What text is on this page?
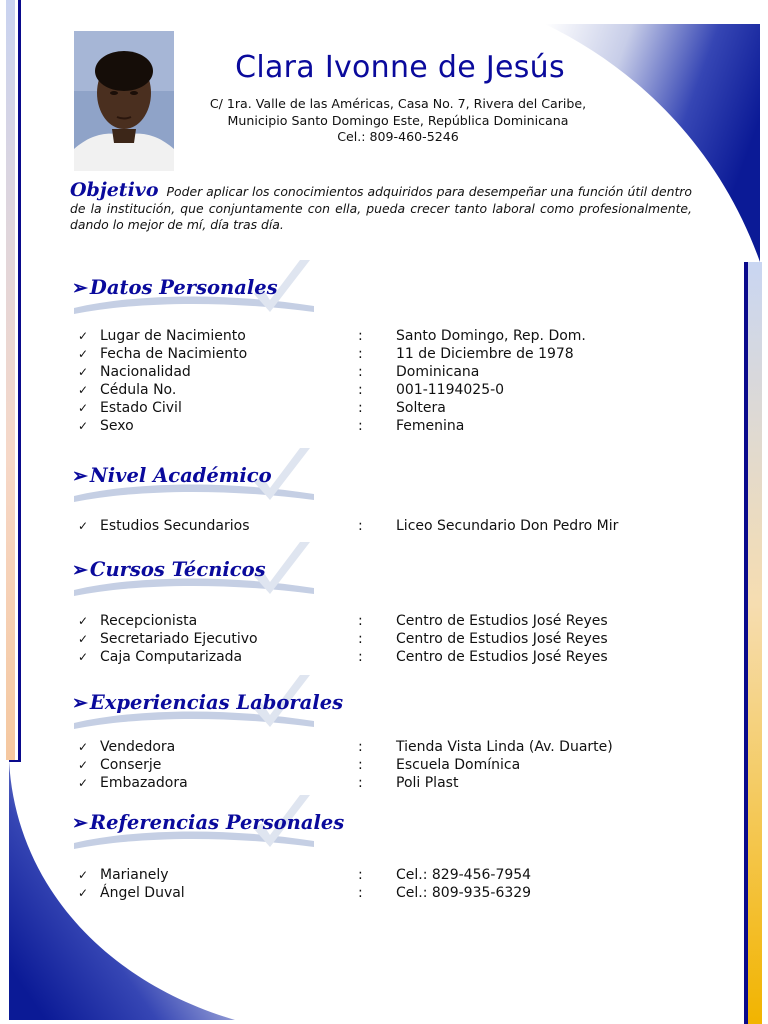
Clara Ivonne de Jesús
C/ 1ra. Valle de las Américas, Casa No. 7, Rivera del Caribe,
Municipio Santo Domingo Este, República Dominicana
Cel.: 809-460-5246
Objetivo Poder aplicar los conocimientos adquiridos para desempeñar una función útil dentro de la institución, que conjuntamente con ella, pueda crecer tanto laboral como profesionalmente, dando lo mejor de mí, día tras día.
➢ Datos Personales
✓ Lugar de Nacimiento	:	Santo Domingo, Rep. Dom.
✓ Fecha de Nacimiento	:	11 de Diciembre de 1978
✓ Nacionalidad	:	Dominicana
✓ Cédula No.	:	001-1194025-0
✓ Estado Civil	:	Soltera
✓ Sexo	:	Femenina
➢ Nivel Académico
✓ Estudios Secundarios	:	Liceo Secundario Don Pedro Mir
➢ Cursos Técnicos
✓ Recepcionista	:	Centro de Estudios José Reyes
✓ Secretariado Ejecutivo	:	Centro de Estudios José Reyes
✓ Caja Computarizada	:	Centro de Estudios José Reyes
➢ Experiencias Laborales
✓ Vendedora	:	Tienda Vista Linda (Av. Duarte)
✓ Conserje	:	Escuela Domínica
✓ Embazadora	:	Poli Plast
➢ Referencias Personales
✓ Marianely	:	Cel.: 829-456-7954
✓ Ángel Duval	:	Cel.: 809-935-6329
